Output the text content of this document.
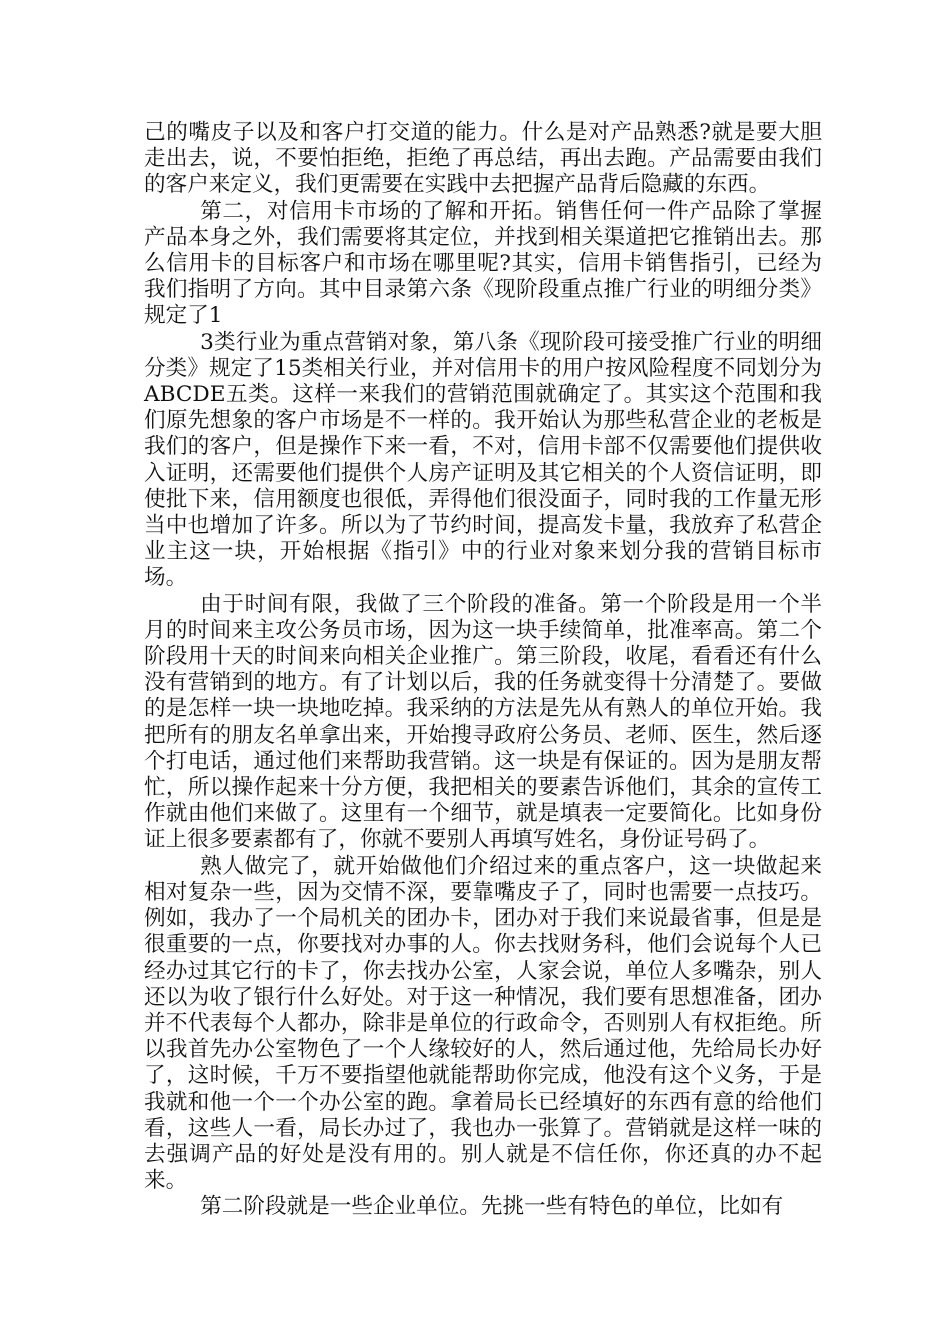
己的嘴皮子以及和客户打交道的能力。什么是对产品熟悉?就是要大胆走出去，说，不要怕拒绝，拒绝了再总结，再出去跑。产品需要由我们的客户来定义，我们更需要在实践中去把握产品背后隐藏的东西。

第二，对信用卡市场的了解和开拓。销售任何一件产品除了掌握产品本身之外，我们需要将其定位，并找到相关渠道把它推销出去。那么信用卡的目标客户和市场在哪里呢?其实，信用卡销售指引，已经为我们指明了方向。其中目录第六条《现阶段重点推广行业的明细分类》规定了1

3类行业为重点营销对象，第八条《现阶段可接受推广行业的明细分类》规定了15类相关行业，并对信用卡的用户按风险程度不同划分为ABCDE五类。这样一来我们的营销范围就确定了。其实这个范围和我们原先想象的客户市场是不一样的。我开始认为那些私营企业的老板是我们的客户，但是操作下来一看，不对，信用卡部不仅需要他们提供收入证明，还需要他们提供个人房产证明及其它相关的个人资信证明，即使批下来，信用额度也很低，弄得他们很没面子，同时我的工作量无形当中也增加了许多。所以为了节约时间，提高发卡量，我放弃了私营企业主这一块，开始根据《指引》中的行业对象来划分我的营销目标市场。

由于时间有限，我做了三个阶段的准备。第一个阶段是用一个半月的时间来主攻公务员市场，因为这一块手续简单，批准率高。第二个阶段用十天的时间来向相关企业推广。第三阶段，收尾，看看还有什么没有营销到的地方。有了计划以后，我的任务就变得十分清楚了。要做的是怎样一块一块地吃掉。我采纳的方法是先从有熟人的单位开始。我把所有的朋友名单拿出来，开始搜寻政府公务员、老师、医生，然后逐个打电话，通过他们来帮助我营销。这一块是有保证的。因为是朋友帮忙，所以操作起来十分方便，我把相关的要素告诉他们，其余的宣传工作就由他们来做了。这里有一个细节，就是填表一定要简化。比如身份证上很多要素都有了，你就不要别人再填写姓名，身份证号码了。

熟人做完了，就开始做他们介绍过来的重点客户，这一块做起来相对复杂一些，因为交情不深，要靠嘴皮子了，同时也需要一点技巧。例如，我办了一个局机关的团办卡，团办对于我们来说最省事，但是是很重要的一点，你要找对办事的人。你去找财务科，他们会说每个人已经办过其它行的卡了，你去找办公室，人家会说，单位人多嘴杂，别人还以为收了银行什么好处。对于这一种情况，我们要有思想准备，团办并不代表每个人都办，除非是单位的行政命令，否则别人有权拒绝。所以我首先办公室物色了一个人缘较好的人，然后通过他，先给局长办好了，这时候，千万不要指望他就能帮助你完成，他没有这个义务，于是我就和他一个一个办公室的跑。拿着局长已经填好的东西有意的给他们看，这些人一看，局长办过了，我也办一张算了。营销就是这样一味的去强调产品的好处是没有用的。别人就是不信任你，你还真的办不起来。

第二阶段就是一些企业单位。先挑一些有特色的单位，比如有
